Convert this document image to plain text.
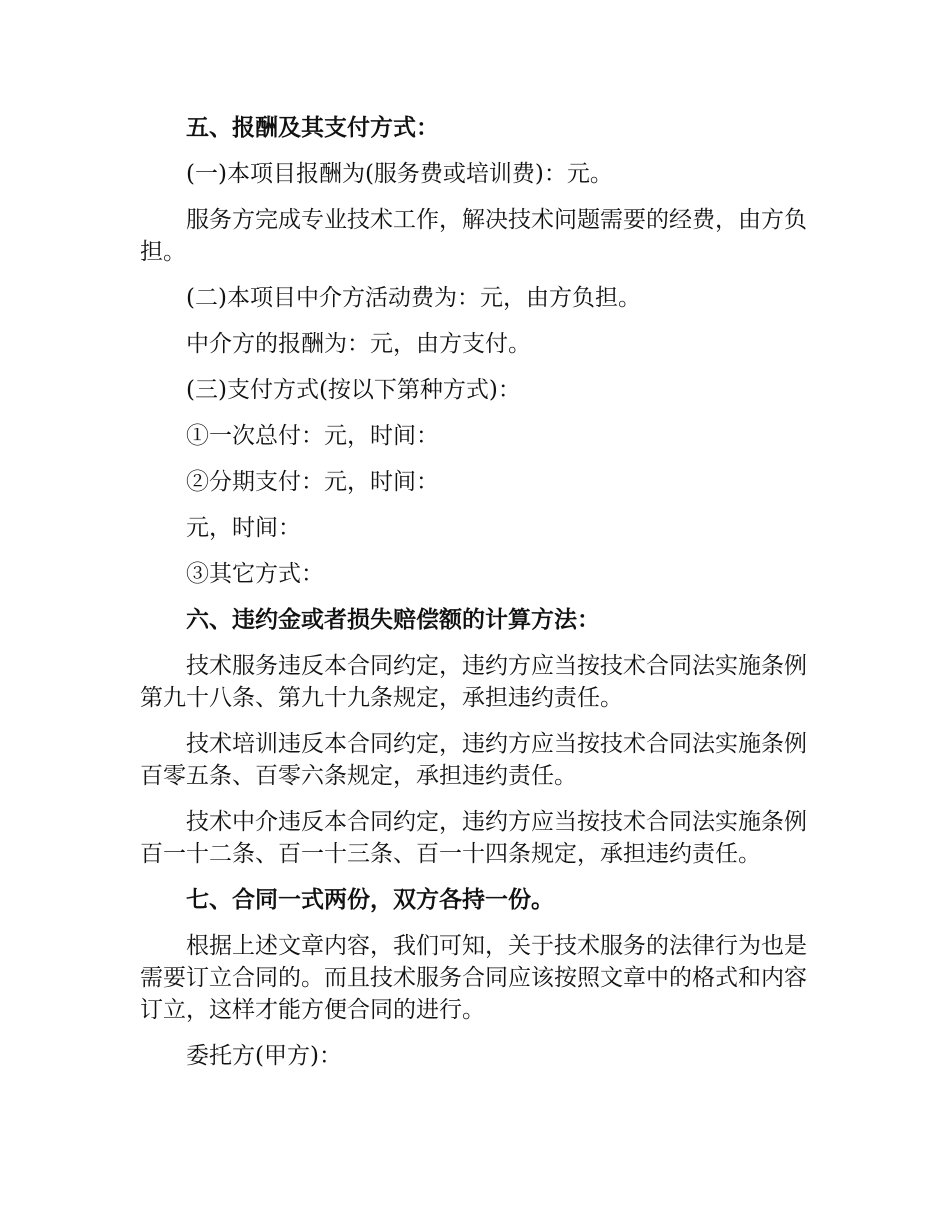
五、报酬及其支付方式：

(一)本项目报酬为(服务费或培训费)：元。

服务方完成专业技术工作，解决技术问题需要的经费，由方负担。

(二)本项目中介方活动费为：元，由方负担。

中介方的报酬为：元，由方支付。

(三)支付方式(按以下第种方式)：

①一次总付：元，时间：

②分期支付：元，时间：

元，时间：

③其它方式：

六、违约金或者损失赔偿额的计算方法：

技术服务违反本合同约定，违约方应当按技术合同法实施条例第九十八条、第九十九条规定，承担违约责任。

技术培训违反本合同约定，违约方应当按技术合同法实施条例百零五条、百零六条规定，承担违约责任。

技术中介违反本合同约定，违约方应当按技术合同法实施条例百一十二条、百一十三条、百一十四条规定，承担违约责任。

七、合同一式两份，双方各持一份。

根据上述文章内容，我们可知，关于技术服务的法律行为也是需要订立合同的。而且技术服务合同应该按照文章中的格式和内容订立，这样才能方便合同的进行。

委托方(甲方)：
